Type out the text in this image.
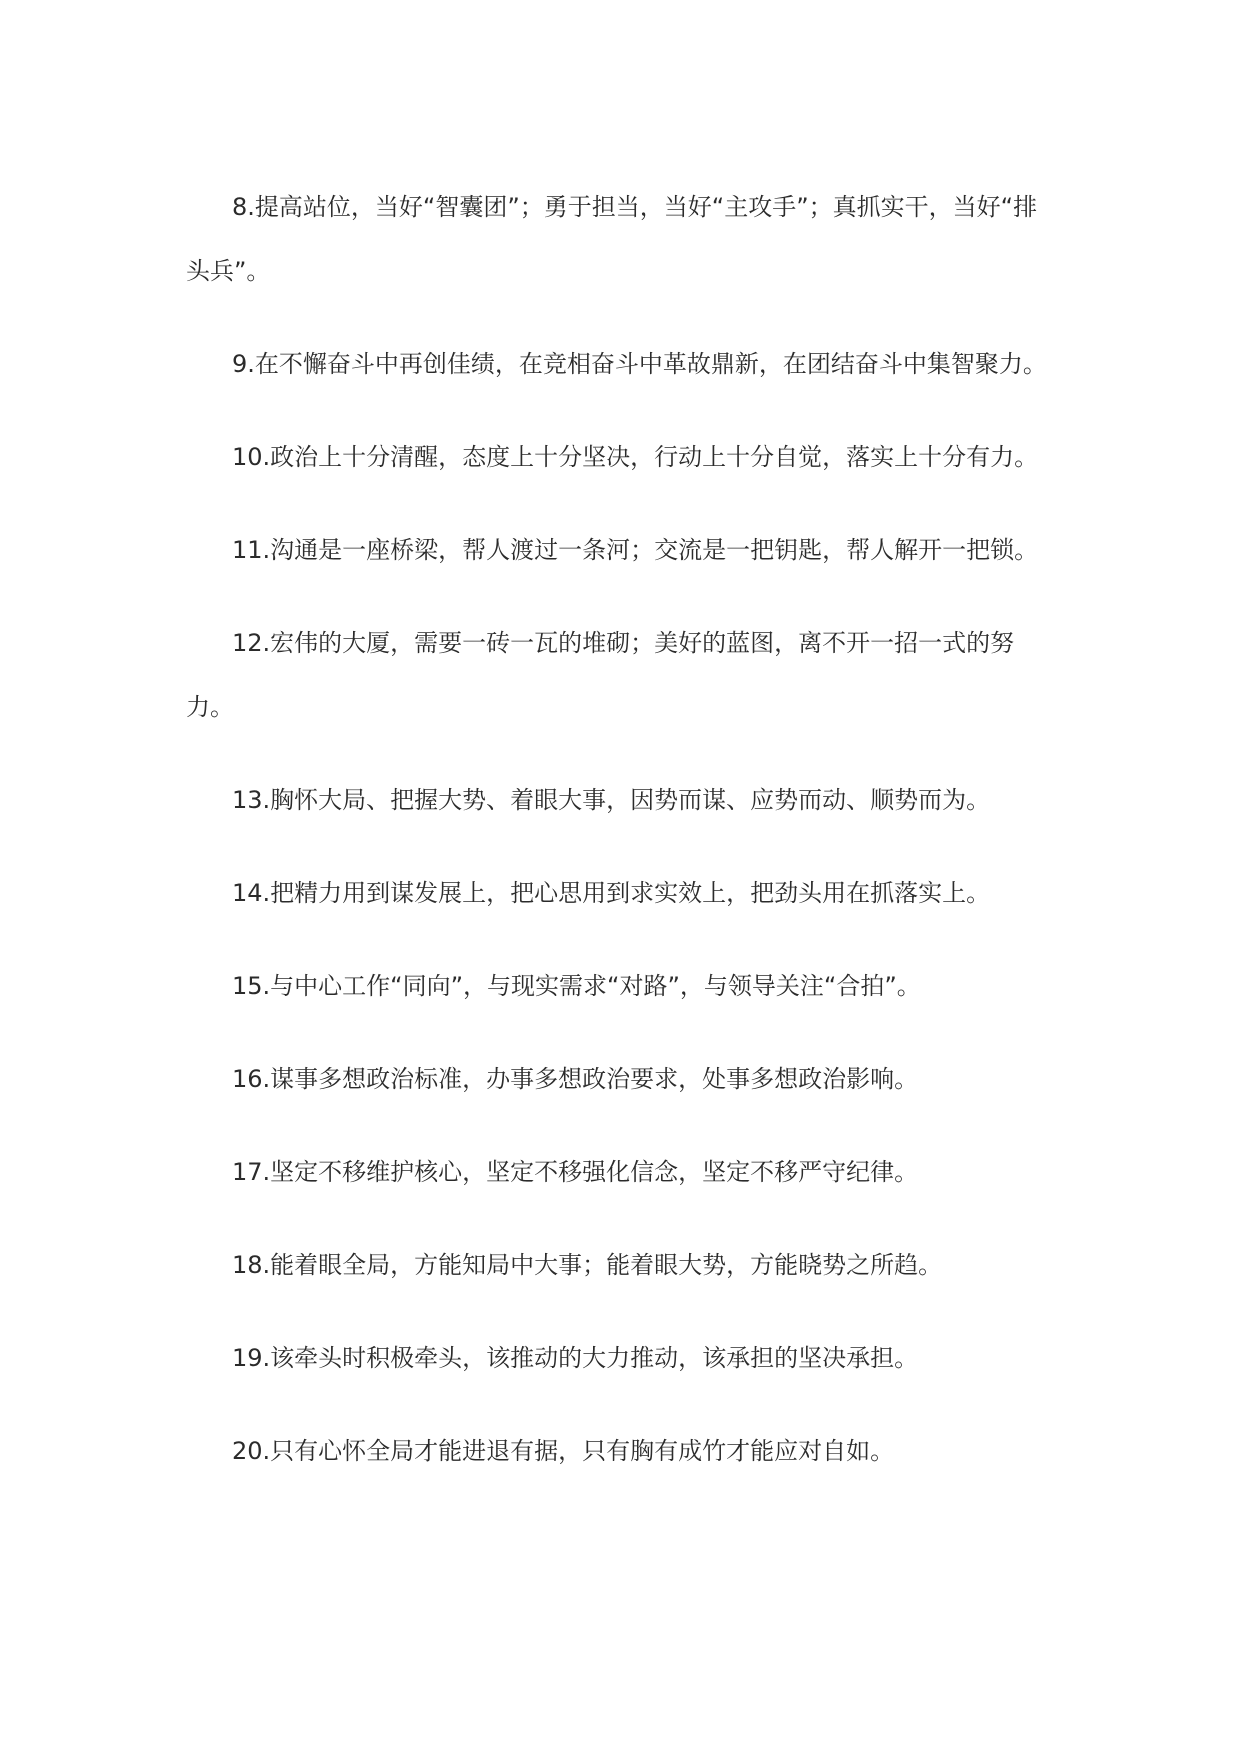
8.提高站位，当好“智囊团”；勇于担当，当好“主攻手”；真抓实干，当好“排头兵”。

9.在不懈奋斗中再创佳绩，在竞相奋斗中革故鼎新，在团结奋斗中集智聚力。

10.政治上十分清醒，态度上十分坚决，行动上十分自觉，落实上十分有力。

11.沟通是一座桥梁，帮人渡过一条河；交流是一把钥匙，帮人解开一把锁。

12.宏伟的大厦，需要一砖一瓦的堆砌；美好的蓝图，离不开一招一式的努力。

13.胸怀大局、把握大势、着眼大事，因势而谋、应势而动、顺势而为。

14.把精力用到谋发展上，把心思用到求实效上，把劲头用在抓落实上。

15.与中心工作“同向”，与现实需求“对路”，与领导关注“合拍”。

16.谋事多想政治标准，办事多想政治要求，处事多想政治影响。

17.坚定不移维护核心，坚定不移强化信念，坚定不移严守纪律。

18.能着眼全局，方能知局中大事；能着眼大势，方能晓势之所趋。

19.该牵头时积极牵头，该推动的大力推动，该承担的坚决承担。

20.只有心怀全局才能进退有据，只有胸有成竹才能应对自如。
